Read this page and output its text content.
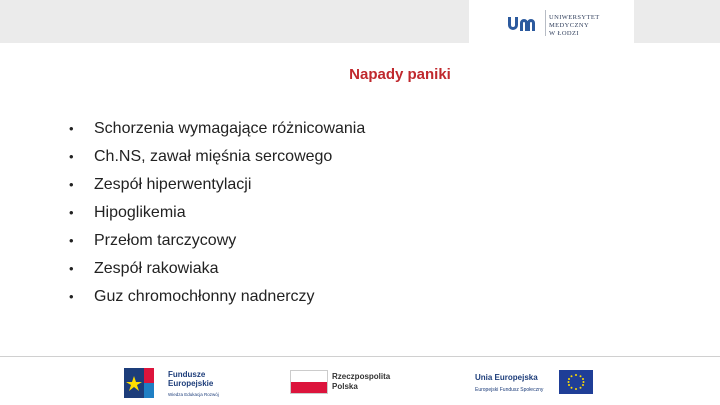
UNIWERSYTET
MEDYCZNY
W ŁODZI
Napady paniki
• Schorzenia wymagające różnicowania
• Ch.NS, zawał mięśnia sercowego
• Zespół hiperwentylacji
• Hipoglikemia
• Przełom tarczycowy
• Zespół rakowiaka
• Guz chromochłonny nadnerczy
Fundusze
Europejskie
Wiedza Edukacja Rozwój
Rzeczpospolita
Polska
Unia Europejska
Europejski Fundusz Społeczny
